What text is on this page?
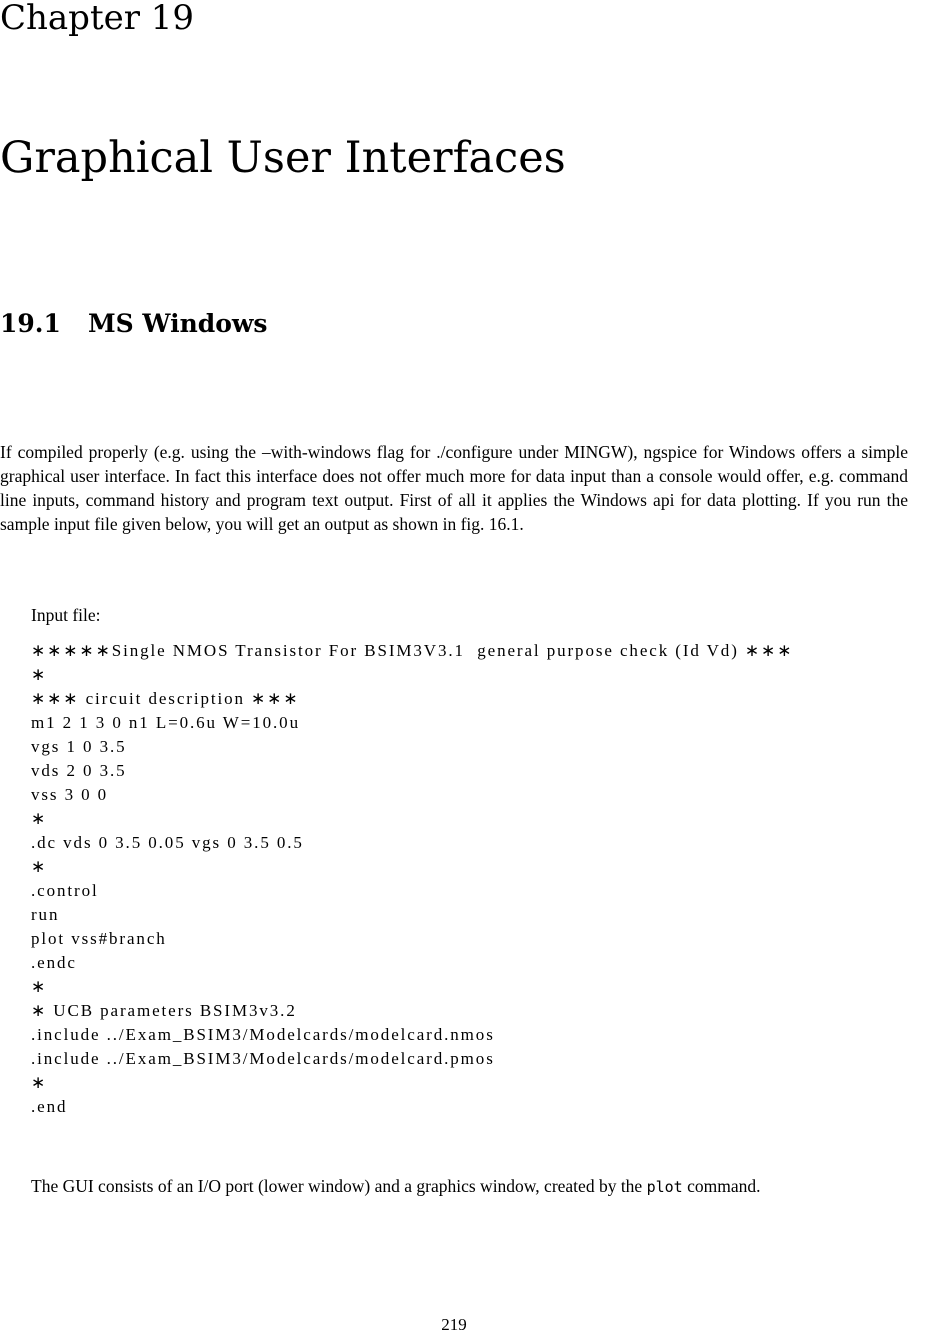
Chapter 19
Graphical User Interfaces
19.1 MS Windows

If compiled properly (e.g. using the –with-windows flag for ./configure under MINGW), ngspice for Windows offers a simple graphical user interface. In fact this interface does not offer much more for data input than a console would offer, e.g. command line inputs, command history and program text output. First of all it applies the Windows api for data plotting. If you run the sample input file given below, you will get an output as shown in fig. 16.1.

Input file:
∗∗∗∗∗Single NMOS Transistor For BSIM3V3.1  general purpose check (Id Vd) ∗∗∗
∗
∗∗∗ circuit description ∗∗∗
m1 2 1 3 0 n1 L=0.6u W=10.0u
vgs 1 0 3.5
vds 2 0 3.5
vss 3 0 0
∗
.dc vds 0 3.5 0.05 vgs 0 3.5 0.5
∗
.control
run
plot vss#branch
.endc
∗
∗ UCB parameters BSIM3v3.2
.include ../Exam_BSIM3/Modelcards/modelcard.nmos
.include ../Exam_BSIM3/Modelcards/modelcard.pmos
∗
.end

The GUI consists of an I/O port (lower window) and a graphics window, created by the plot command.

219
